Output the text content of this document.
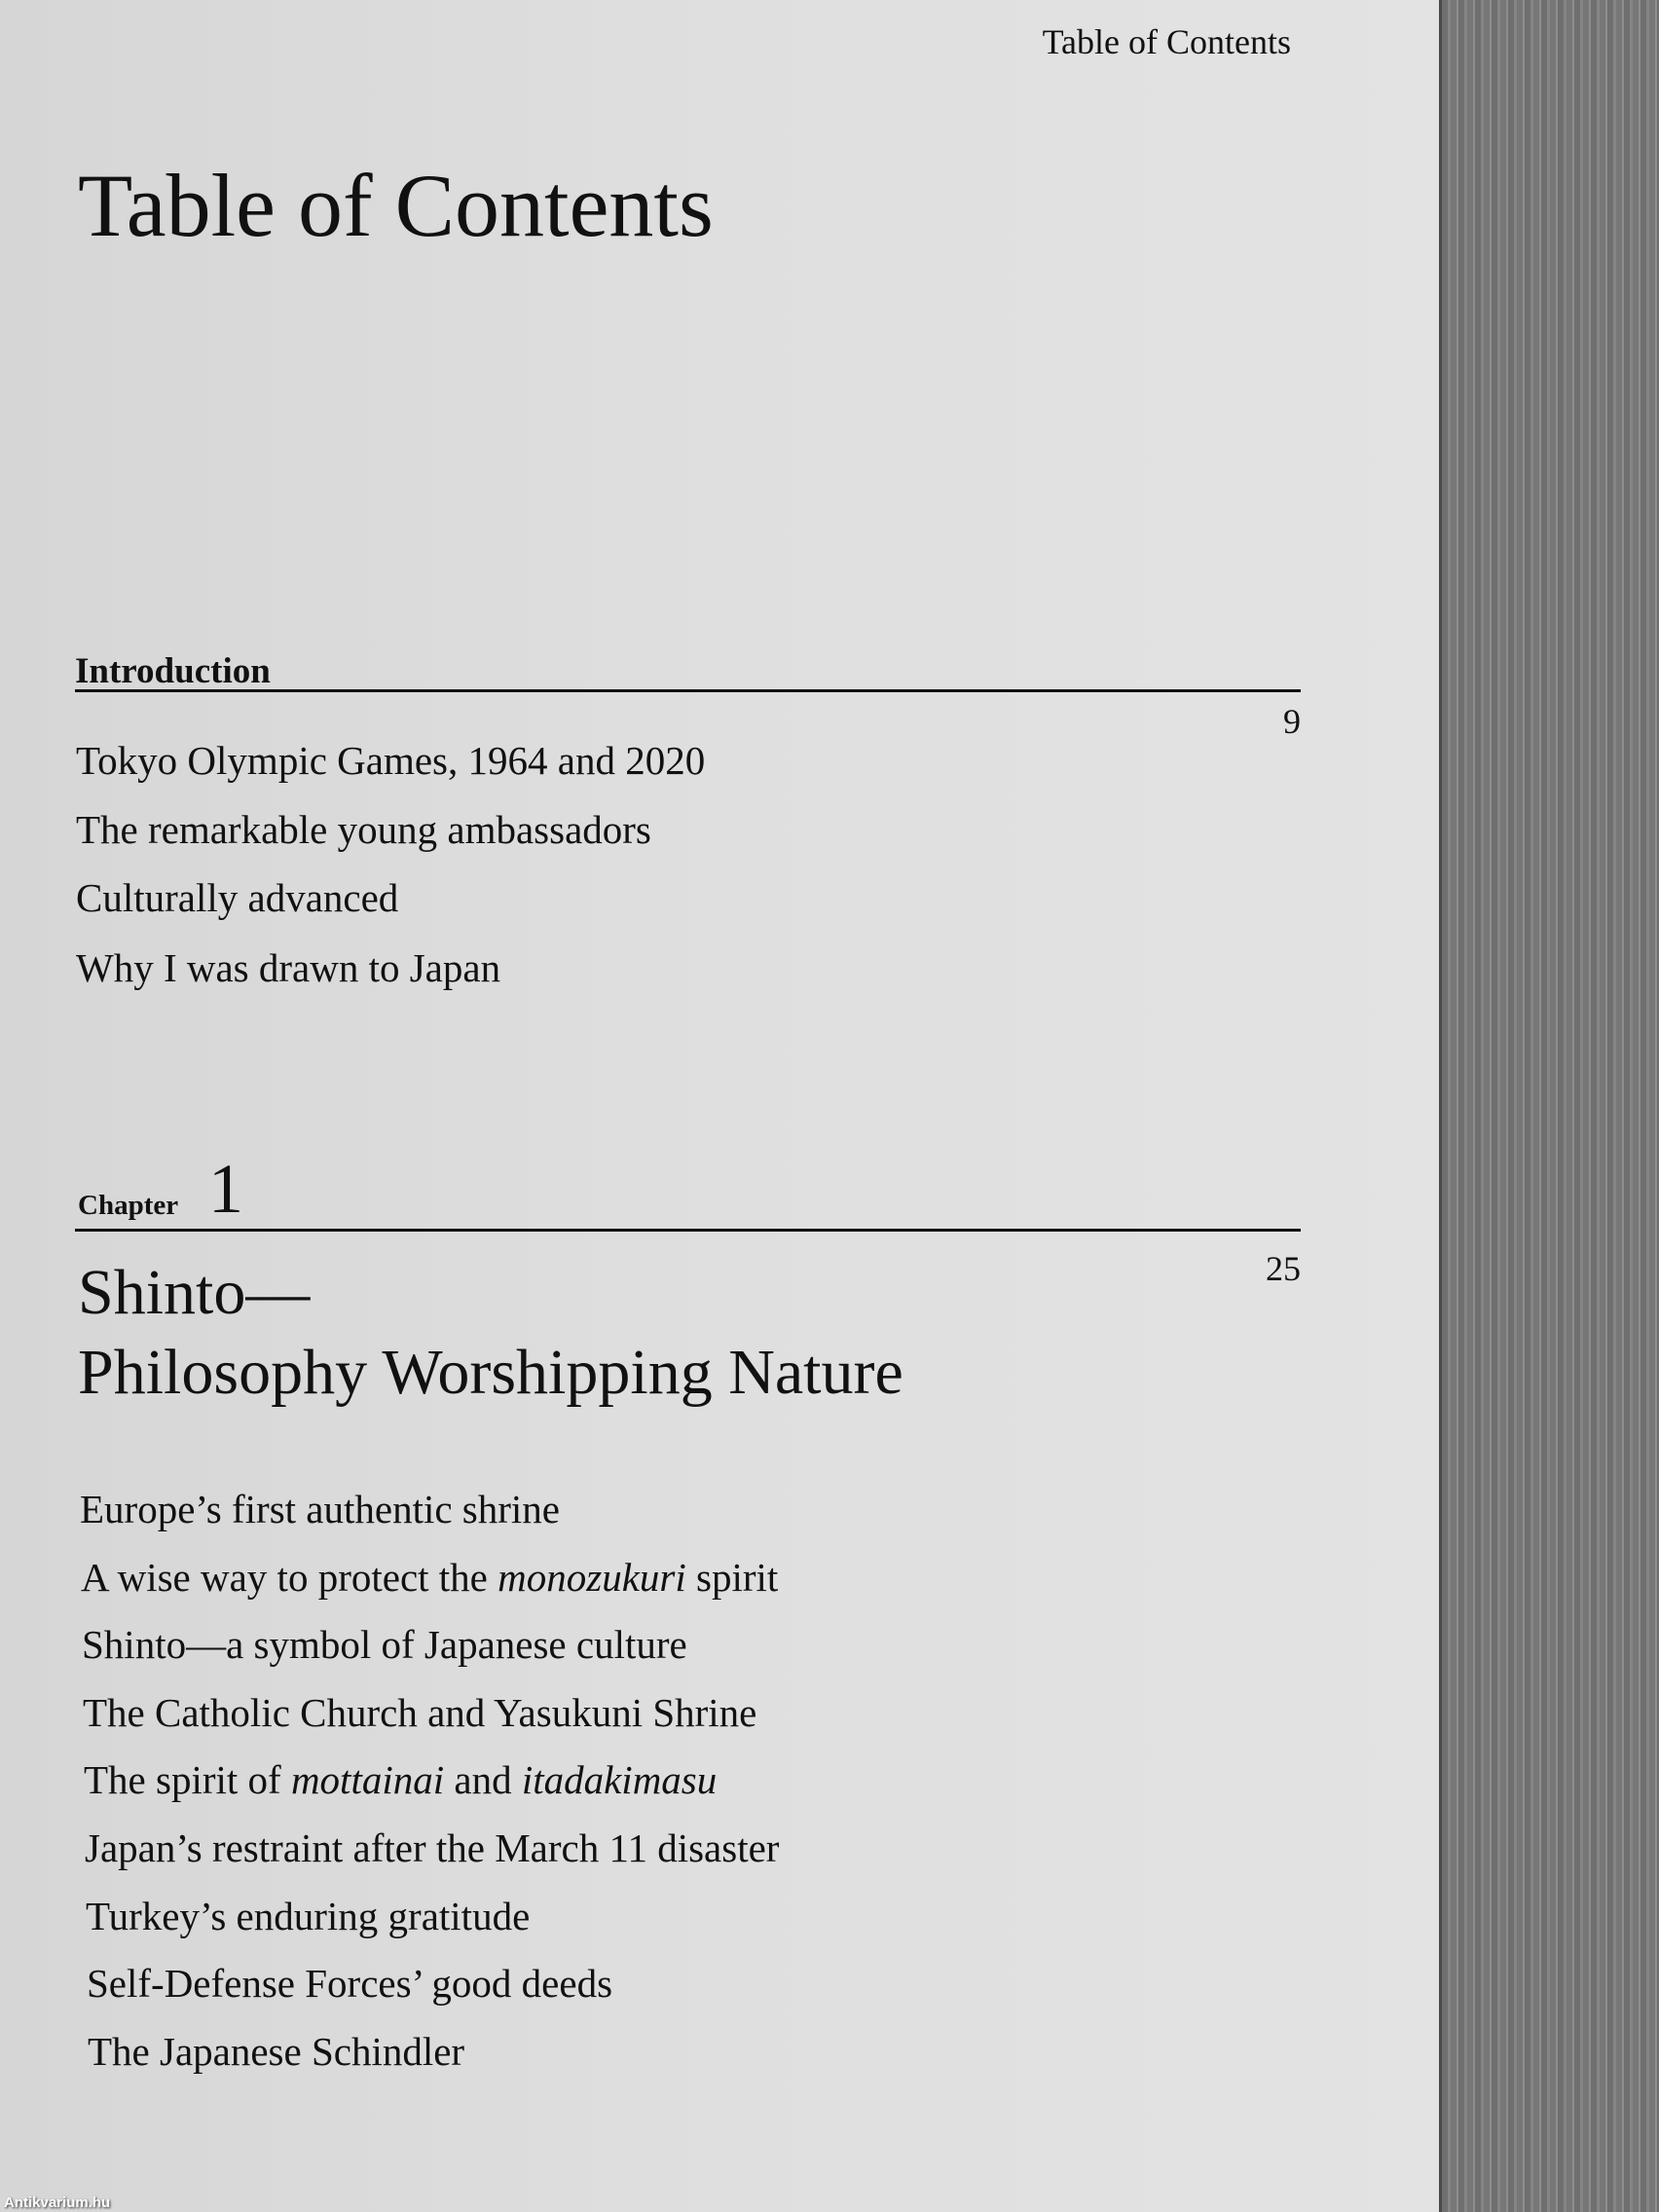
Table of Contents
Table of Contents
Introduction
9
Tokyo Olympic Games, 1964 and 2020
The remarkable young ambassadors
Culturally advanced
Why I was drawn to Japan
Chapter 1
25
Shinto—
Philosophy Worshipping Nature
Europe’s first authentic shrine
A wise way to protect the monozukuri spirit
Shinto—a symbol of Japanese culture
The Catholic Church and Yasukuni Shrine
The spirit of mottainai and itadakimasu
Japan’s restraint after the March 11 disaster
Turkey’s enduring gratitude
Self-Defense Forces’ good deeds
The Japanese Schindler
Antikvarium.hu
